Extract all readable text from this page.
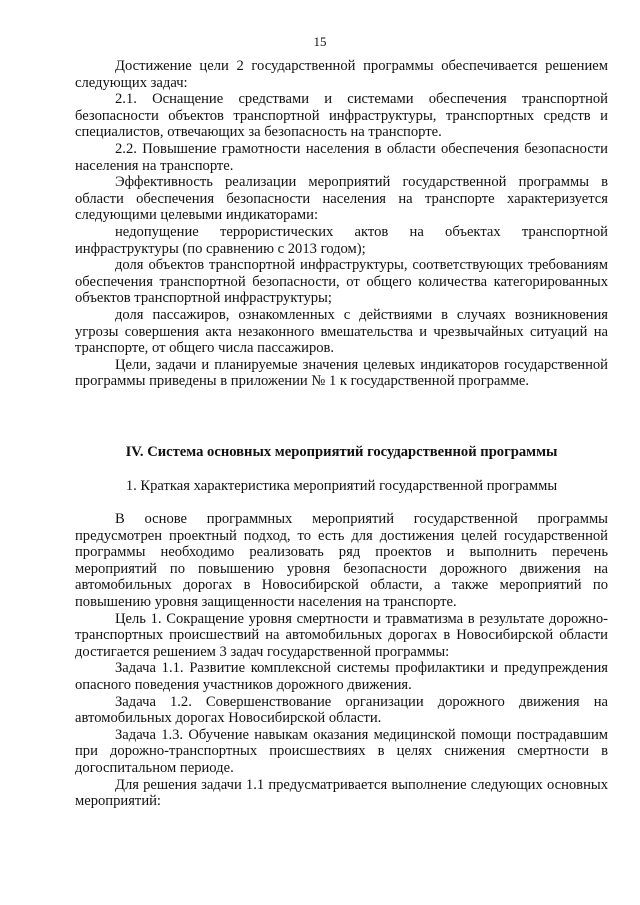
15

Достижение цели 2 государственной программы обеспечивается решением следующих задач:

2.1. Оснащение средствами и системами обеспечения транспортной безопасности объектов транспортной инфраструктуры, транспортных средств и специалистов, отвечающих за безопасность на транспорте.

2.2. Повышение грамотности населения в области обеспечения безопасности населения на транспорте.

Эффективность реализации мероприятий государственной программы в области обеспечения безопасности населения на транспорте характеризуется следующими целевыми индикаторами:

недопущение террористических актов на объектах транспортной инфраструктуры (по сравнению с 2013 годом);

доля объектов транспортной инфраструктуры, соответствующих требованиям обеспечения транспортной безопасности, от общего количества категорированных объектов транспортной инфраструктуры;

доля пассажиров, ознакомленных с действиями в случаях возникновения угрозы совершения акта незаконного вмешательства и чрезвычайных ситуаций на транспорте, от общего числа пассажиров.

Цели, задачи и планируемые значения целевых индикаторов государственной программы приведены в приложении № 1 к государственной программе.

IV. Система основных мероприятий государственной программы

1. Краткая характеристика мероприятий государственной программы

В основе программных мероприятий государственной программы предусмотрен проектный подход, то есть для достижения целей государственной программы необходимо реализовать ряд проектов и выполнить перечень мероприятий по повышению уровня безопасности дорожного движения на автомобильных дорогах в Новосибирской области, а также мероприятий по повышению уровня защищенности населения на транспорте.

Цель 1. Сокращение уровня смертности и травматизма в результате дорожно-транспортных происшествий на автомобильных дорогах в Новосибирской области достигается решением 3 задач государственной программы:

Задача 1.1. Развитие комплексной системы профилактики и предупреждения опасного поведения участников дорожного движения.

Задача 1.2. Совершенствование организации дорожного движения на автомобильных дорогах Новосибирской области.

Задача 1.3. Обучение навыкам оказания медицинской помощи пострадавшим при дорожно-транспортных происшествиях в целях снижения смертности в догоспитальном периоде.

Для решения задачи 1.1 предусматривается выполнение следующих основных мероприятий:
